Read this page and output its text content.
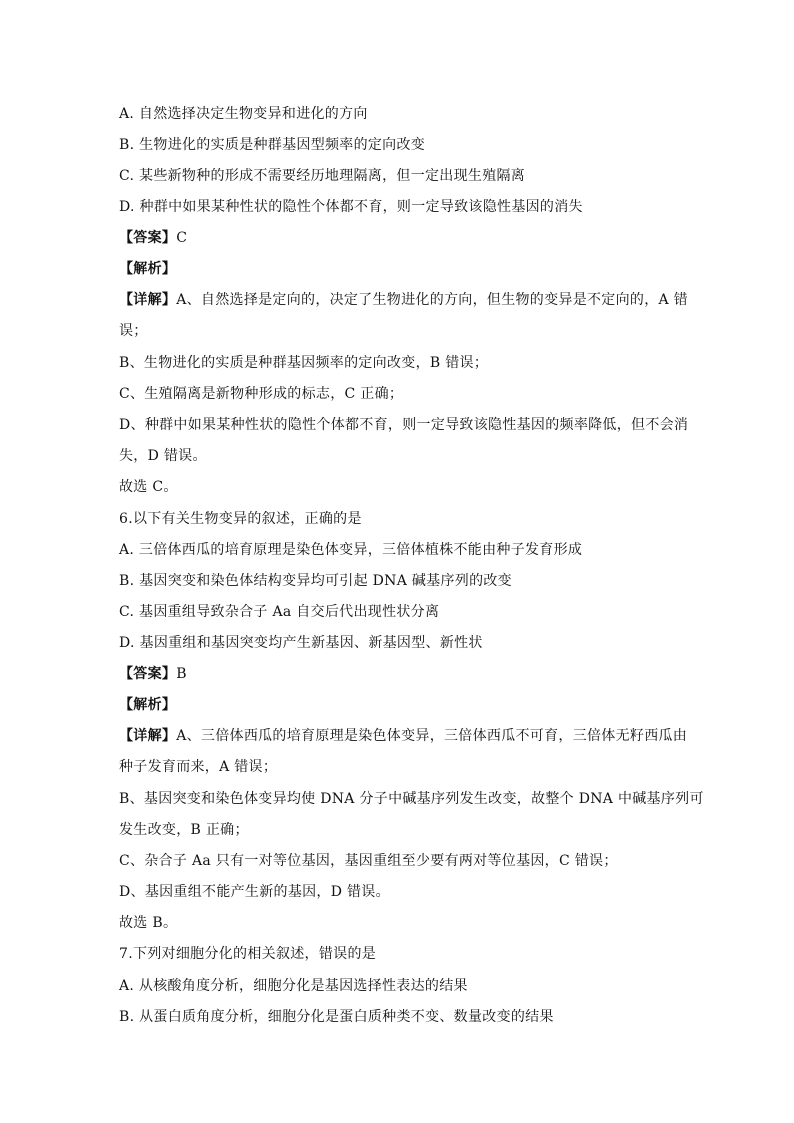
A. 自然选择决定生物变异和进化的方向
B. 生物进化的实质是种群基因型频率的定向改变
C. 某些新物种的形成不需要经历地理隔离，但一定出现生殖隔离
D. 种群中如果某种性状的隐性个体都不育，则一定导致该隐性基因的消失
【答案】C
【解析】
【详解】A、自然选择是定向的，决定了生物进化的方向，但生物的变异是不定向的，A 错
误；
B、生物进化的实质是种群基因频率的定向改变，B 错误；
C、生殖隔离是新物种形成的标志，C 正确；
D、种群中如果某种性状的隐性个体都不育，则一定导致该隐性基因的频率降低，但不会消
失，D 错误。
故选 C。
6.以下有关生物变异的叙述，正确的是
A. 三倍体西瓜的培育原理是染色体变异，三倍体植株不能由种子发育形成
B. 基因突变和染色体结构变异均可引起 DNA 碱基序列的改变
C. 基因重组导致杂合子 Aa 自交后代出现性状分离
D. 基因重组和基因突变均产生新基因、新基因型、新性状
【答案】B
【解析】
【详解】A、三倍体西瓜的培育原理是染色体变异，三倍体西瓜不可育，三倍体无籽西瓜由
种子发育而来，A 错误；
B、基因突变和染色体变异均使 DNA 分子中碱基序列发生改变，故整个 DNA 中碱基序列可
发生改变，B 正确；
C、杂合子 Aa 只有一对等位基因，基因重组至少要有两对等位基因，C 错误；
D、基因重组不能产生新的基因，D 错误。
故选 B。
7.下列对细胞分化的相关叙述，错误的是
A. 从核酸角度分析，细胞分化是基因选择性表达的结果
B. 从蛋白质角度分析，细胞分化是蛋白质种类不变、数量改变的结果
